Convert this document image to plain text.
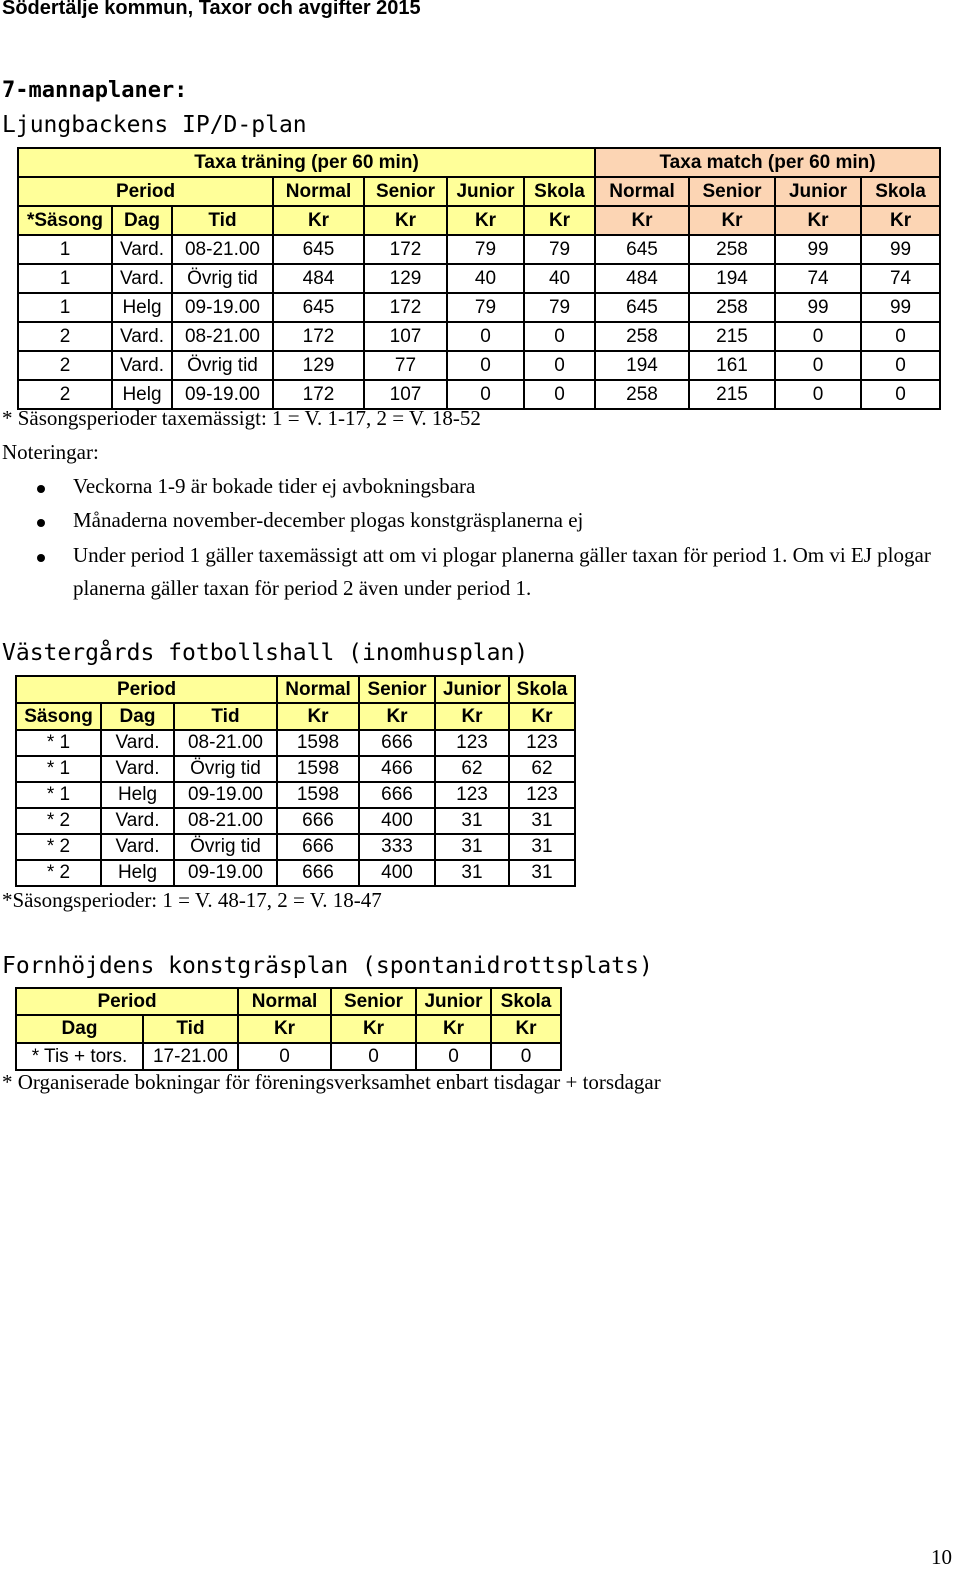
Södertälje kommun, Taxor och avgifter 2015
7-mannaplaner:
Ljungbackens IP/D-plan
Taxa träning (per 60 min)							Taxa match (per 60 min)			
Period			Normal	Senior	Junior	Skola	Normal	Senior	Junior	Skola
*Säsong	Dag	Tid	Kr	Kr	Kr	Kr	Kr	Kr	Kr	Kr
1	Vard.	08-21.00	645	172	79	79	645	258	99	99
1	Vard.	Övrig tid	484	129	40	40	484	194	74	74
1	Helg	09-19.00	645	172	79	79	645	258	99	99
2	Vard.	08-21.00	172	107	0	0	258	215	0	0
2	Vard.	Övrig tid	129	77	0	0	194	161	0	0
2	Helg	09-19.00	172	107	0	0	258	215	0	0
* Säsongsperioder taxemässigt: 1 = V. 1-17, 2 = V. 18-52
Noteringar:
Veckorna 1-9 är bokade tider ej avbokningsbara
Månaderna november-december plogas konstgräsplanerna ej
Under period 1 gäller taxemässigt att om vi plogar planerna gäller taxan för period 1. Om vi EJ plogar planerna gäller taxan för period 2 även under period 1.
Västergårds fotbollshall (inomhusplan)
Period			Normal	Senior	Junior	Skola
Säsong	Dag	Tid	Kr	Kr	Kr	Kr
* 1	Vard.	08-21.00	1598	666	123	123
* 1	Vard.	Övrig tid	1598	466	62	62
* 1	Helg	09-19.00	1598	666	123	123
* 2	Vard.	08-21.00	666	400	31	31
* 2	Vard.	Övrig tid	666	333	31	31
* 2	Helg	09-19.00	666	400	31	31
*Säsongsperioder: 1 = V. 48-17, 2 = V. 18-47
Fornhöjdens konstgräsplan (spontanidrottsplats)
Period		Normal	Senior	Junior	Skola
Dag	Tid	Kr	Kr	Kr	Kr
* Tis + tors.	17-21.00	0	0	0	0
* Organiserade bokningar för föreningsverksamhet enbart tisdagar + torsdagar
10
